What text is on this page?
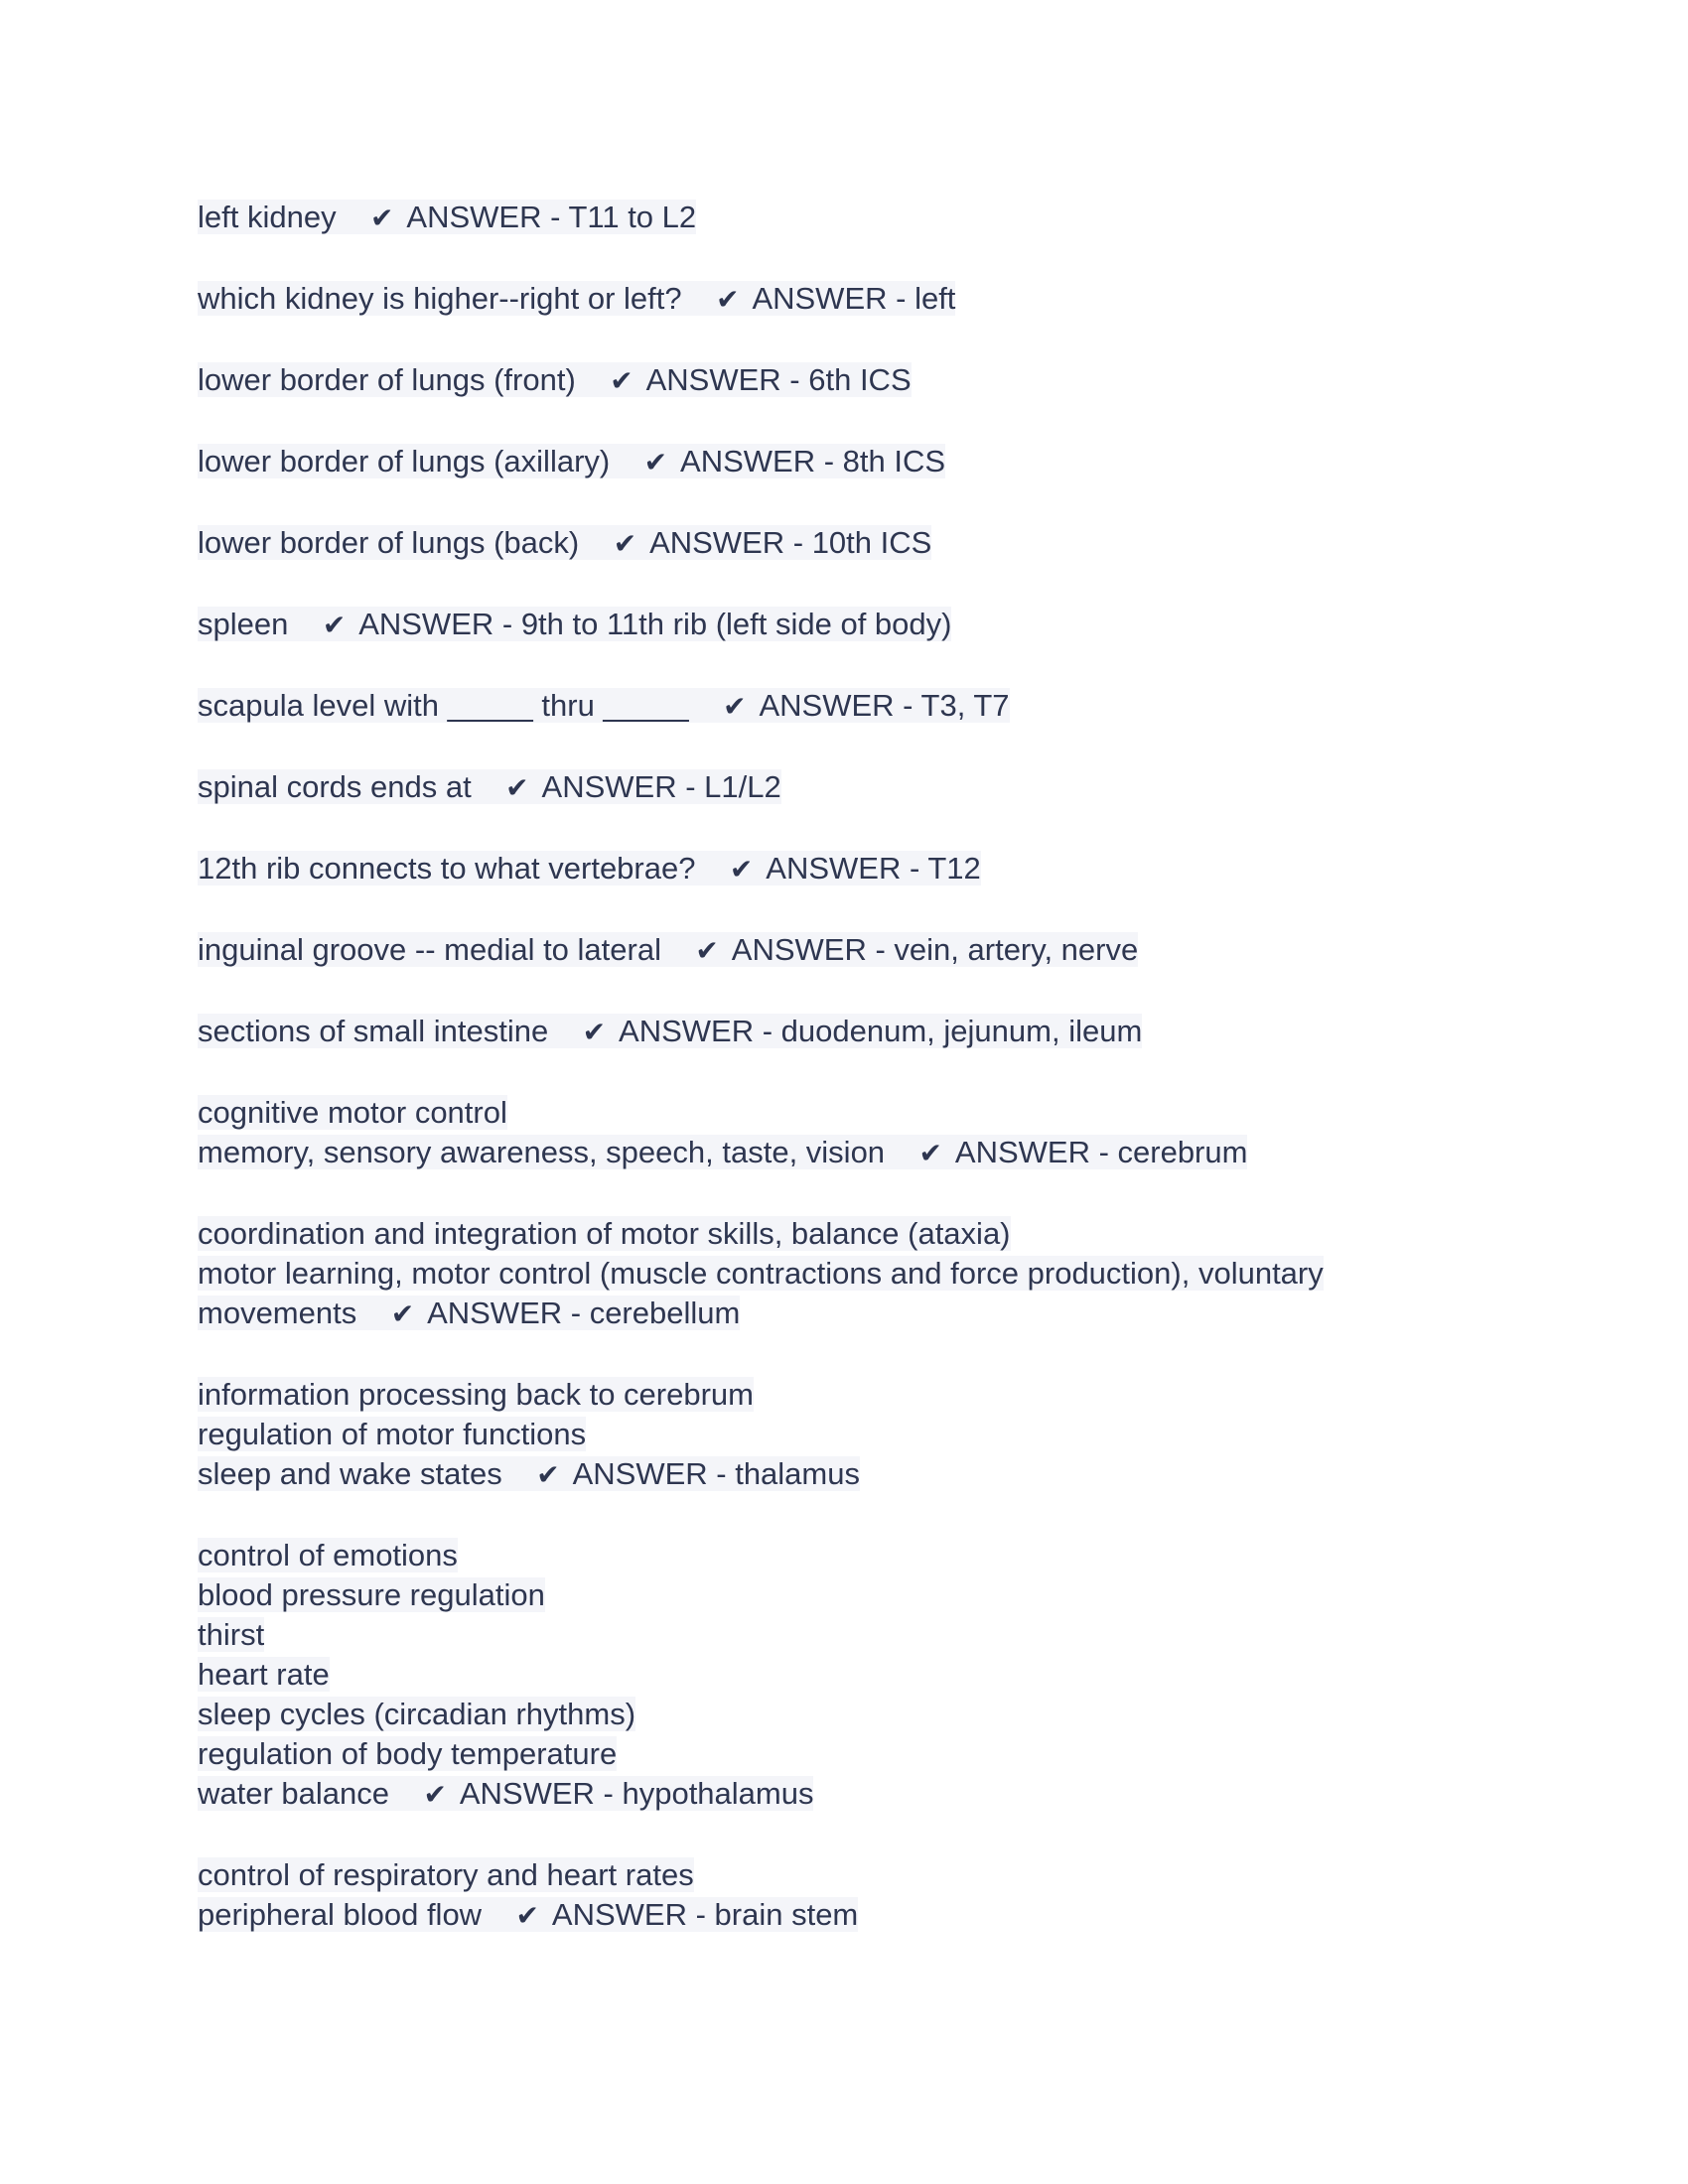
left kidney ✔ ANSWER - T11 to L2
which kidney is higher--right or left? ✔ ANSWER - left
lower border of lungs (front) ✔ ANSWER - 6th ICS
lower border of lungs (axillary) ✔ ANSWER - 8th ICS
lower border of lungs (back) ✔ ANSWER - 10th ICS
spleen ✔ ANSWER - 9th to 11th rib (left side of body)
scapula level with _____ thru _____ ✔ ANSWER - T3, T7
spinal cords ends at ✔ ANSWER - L1/L2
12th rib connects to what vertebrae? ✔ ANSWER - T12
inguinal groove -- medial to lateral ✔ ANSWER - vein, artery, nerve
sections of small intestine ✔ ANSWER - duodenum, jejunum, ileum
cognitive motor control
memory, sensory awareness, speech, taste, vision ✔ ANSWER - cerebrum
coordination and integration of motor skills, balance (ataxia)
motor learning, motor control (muscle contractions and force production), voluntary
movements ✔ ANSWER - cerebellum
information processing back to cerebrum
regulation of motor functions
sleep and wake states ✔ ANSWER - thalamus
control of emotions
blood pressure regulation
thirst
heart rate
sleep cycles (circadian rhythms)
regulation of body temperature
water balance ✔ ANSWER - hypothalamus
control of respiratory and heart rates
peripheral blood flow ✔ ANSWER - brain stem
